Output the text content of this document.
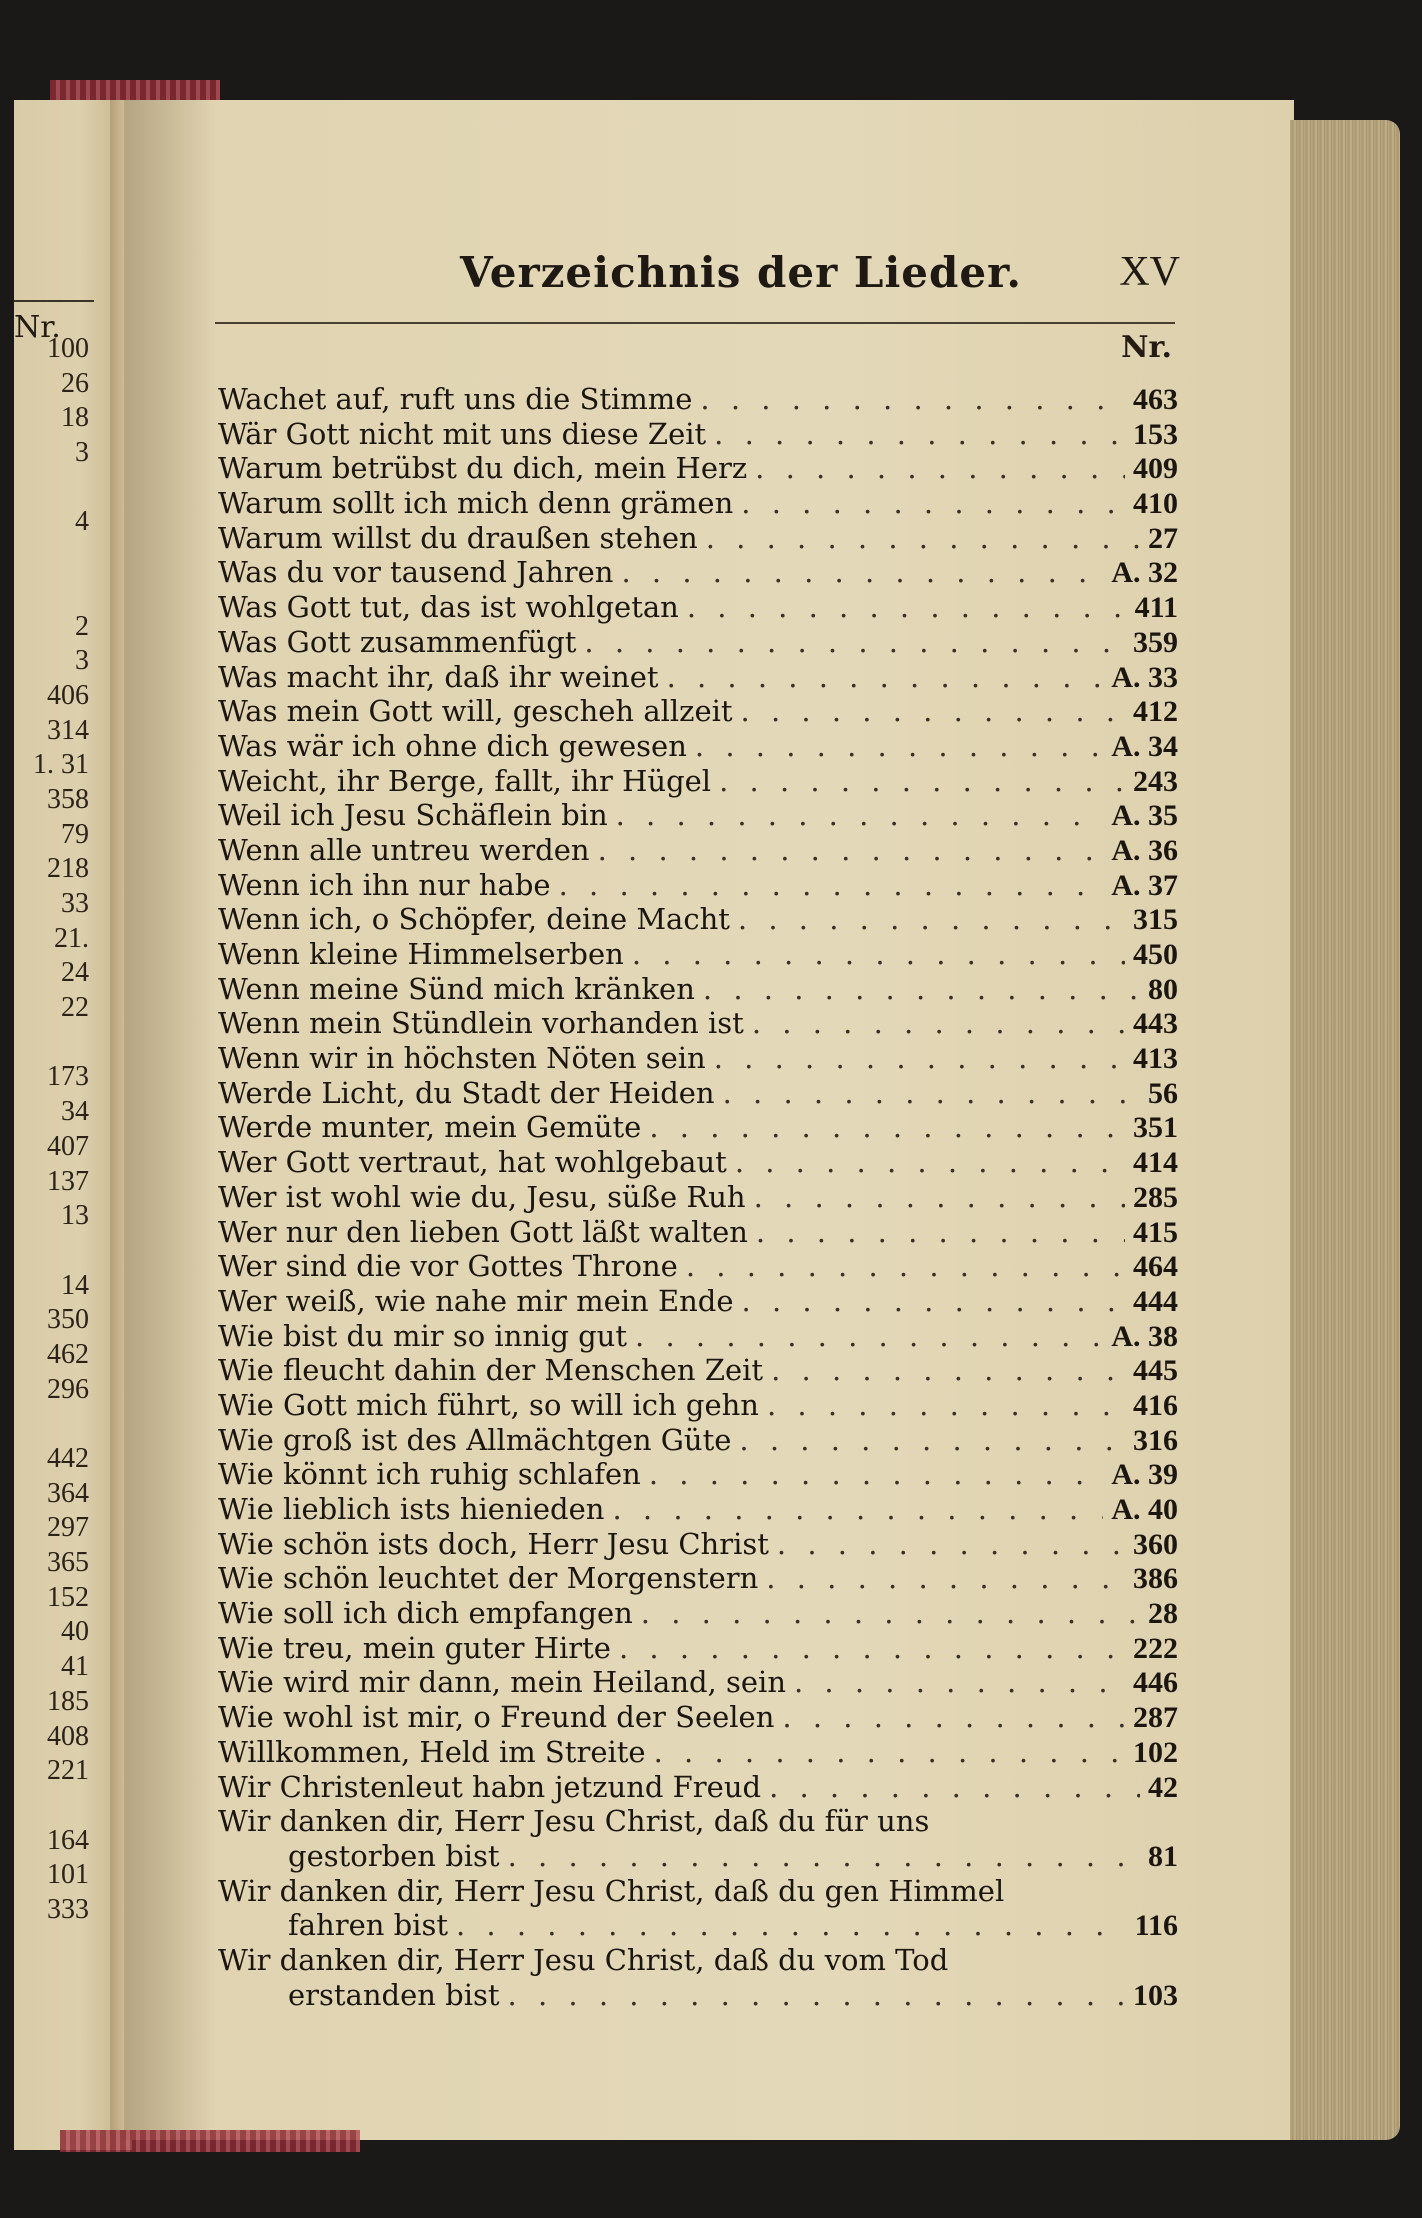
Nr.
100
26
18
3
4
2
3
406
314
1. 31
358
79
218
33
21.
24
22
173
34
407
137
13
14
350
462
296
442
364
297
365
152
40
41
185
408
221
164
101
333
Verzeichnis der Lieder. XV
Nr.
Wachet auf, ruft uns die Stimme . . .	463
Wär Gott nicht mit uns diese Zeit . . .	153
Warum betrübst du dich, mein Herz . . .	409
Warum sollt ich mich denn grämen . . .	410
Warum willst du draußen stehen . . .	27
Was du vor tausend Jahren . . .	A. 32
Was Gott tut, das ist wohlgetan . . .	411
Was Gott zusammenfügt . . .	359
Was macht ihr, daß ihr weinet . . .	A. 33
Was mein Gott will, gescheh allzeit . . .	412
Was wär ich ohne dich gewesen . . .	A. 34
Weicht, ihr Berge, fallt, ihr Hügel . . .	243
Weil ich Jesu Schäflein bin . . .	A. 35
Wenn alle untreu werden . . .	A. 36
Wenn ich ihn nur habe . . .	A. 37
Wenn ich, o Schöpfer, deine Macht . . .	315
Wenn kleine Himmelserben . . .	450
Wenn meine Sünd mich kränken . . .	80
Wenn mein Stündlein vorhanden ist . . .	443
Wenn wir in höchsten Nöten sein . . .	413
Werde Licht, du Stadt der Heiden . . .	56
Werde munter, mein Gemüte . . .	351
Wer Gott vertraut, hat wohlgebaut . . .	414
Wer ist wohl wie du, Jesu, süße Ruh . . .	285
Wer nur den lieben Gott läßt walten . . .	415
Wer sind die vor Gottes Throne . . .	464
Wer weiß, wie nahe mir mein Ende . . .	444
Wie bist du mir so innig gut . . .	A. 38
Wie fleucht dahin der Menschen Zeit . . .	445
Wie Gott mich führt, so will ich gehn . . .	416
Wie groß ist des Allmächtgen Güte . . .	316
Wie könnt ich ruhig schlafen . . .	A. 39
Wie lieblich ists hienieden . . .	A. 40
Wie schön ists doch, Herr Jesu Christ . . .	360
Wie schön leuchtet der Morgenstern . . .	386
Wie soll ich dich empfangen . . .	28
Wie treu, mein guter Hirte . . .	222
Wie wird mir dann, mein Heiland, sein . . .	446
Wie wohl ist mir, o Freund der Seelen . . .	287
Willkommen, Held im Streite . . .	102
Wir Christenleut habn jetzund Freud . . .	42
Wir danken dir, Herr Jesu Christ, daß du für uns
gestorben bist . . .	81
Wir danken dir, Herr Jesu Christ, daß du gen Himmel
fahren bist . . .	116
Wir danken dir, Herr Jesu Christ, daß du vom Tod
erstanden bist . . .	103
